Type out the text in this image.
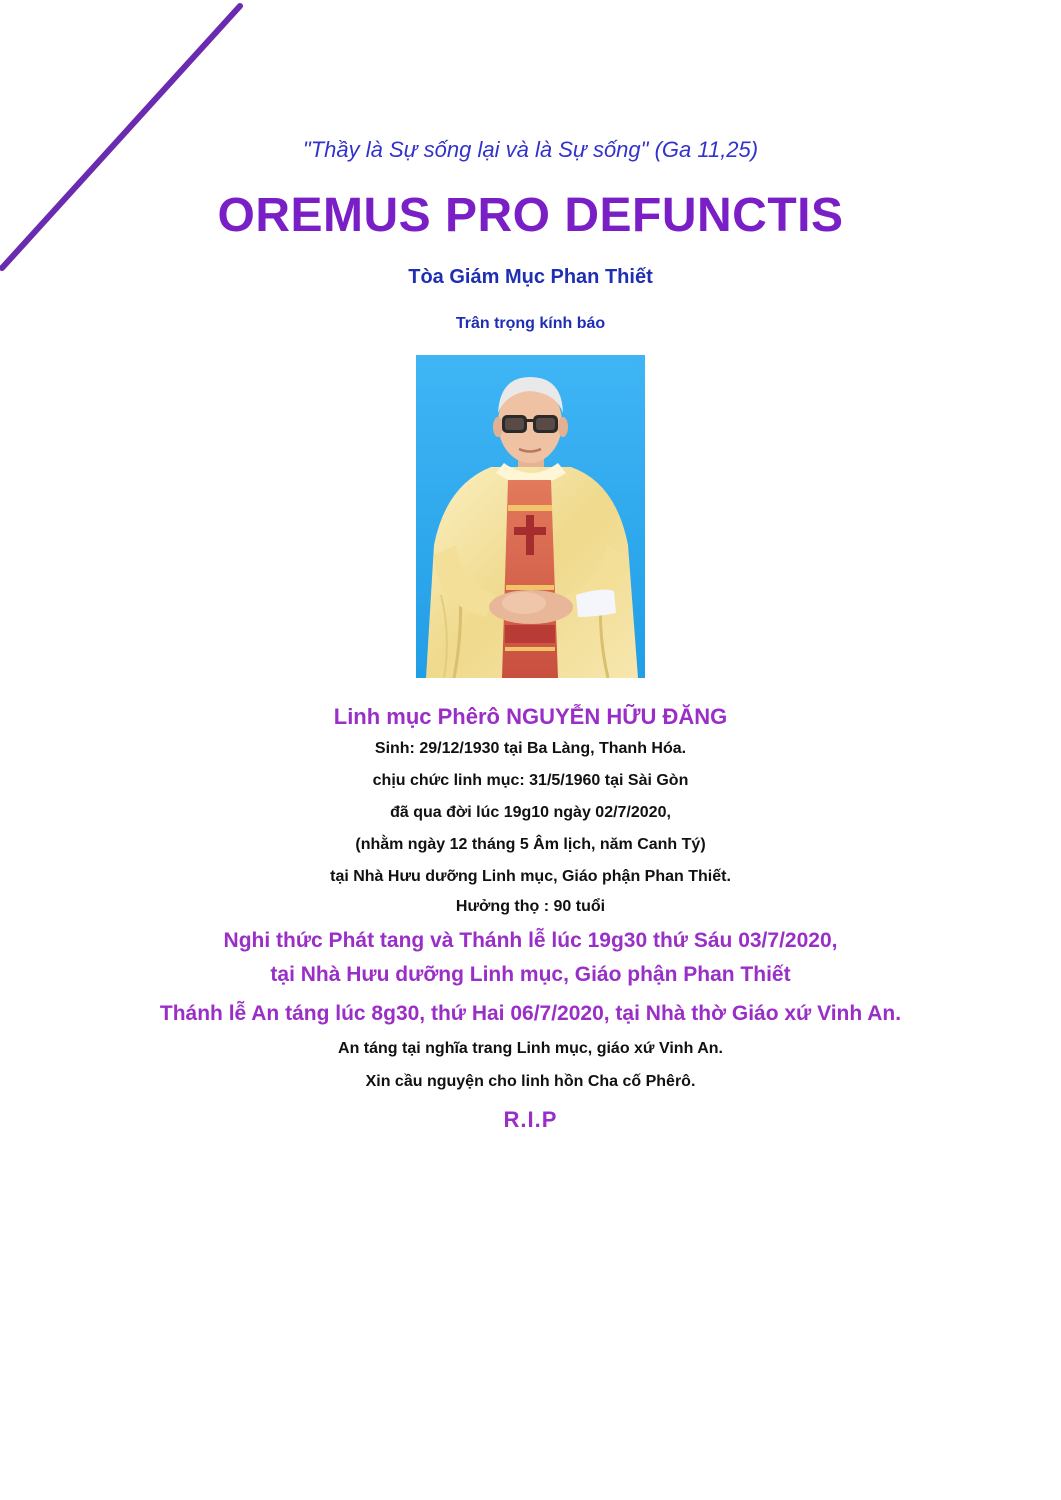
"Thầy là Sự sống lại và là Sự sống" (Ga 11,25)
OREMUS PRO DEFUNCTIS
Tòa Giám Mục Phan Thiết
Trân trọng kính báo
Linh mục Phêrô NGUYỄN HỮU ĐĂNG
Sinh: 29/12/1930 tại Ba Làng, Thanh Hóa.
chịu chức linh mục: 31/5/1960 tại Sài Gòn
đã qua đời lúc 19g10 ngày 02/7/2020,
(nhằm ngày 12 tháng 5 Âm lịch, năm Canh Tý)
tại Nhà Hưu dưỡng Linh mục, Giáo phận Phan Thiết.
Hưởng thọ : 90 tuổi
Nghi thức Phát tang và Thánh lễ lúc 19g30 thứ Sáu 03/7/2020,
tại Nhà Hưu dưỡng Linh mục, Giáo phận Phan Thiết
Thánh lễ An táng lúc 8g30, thứ Hai 06/7/2020, tại Nhà thờ Giáo xứ Vinh An.
An táng tại nghĩa trang Linh mục, giáo xứ Vinh An.
Xin cầu nguyện cho linh hồn Cha cố Phêrô.
R.I.P
